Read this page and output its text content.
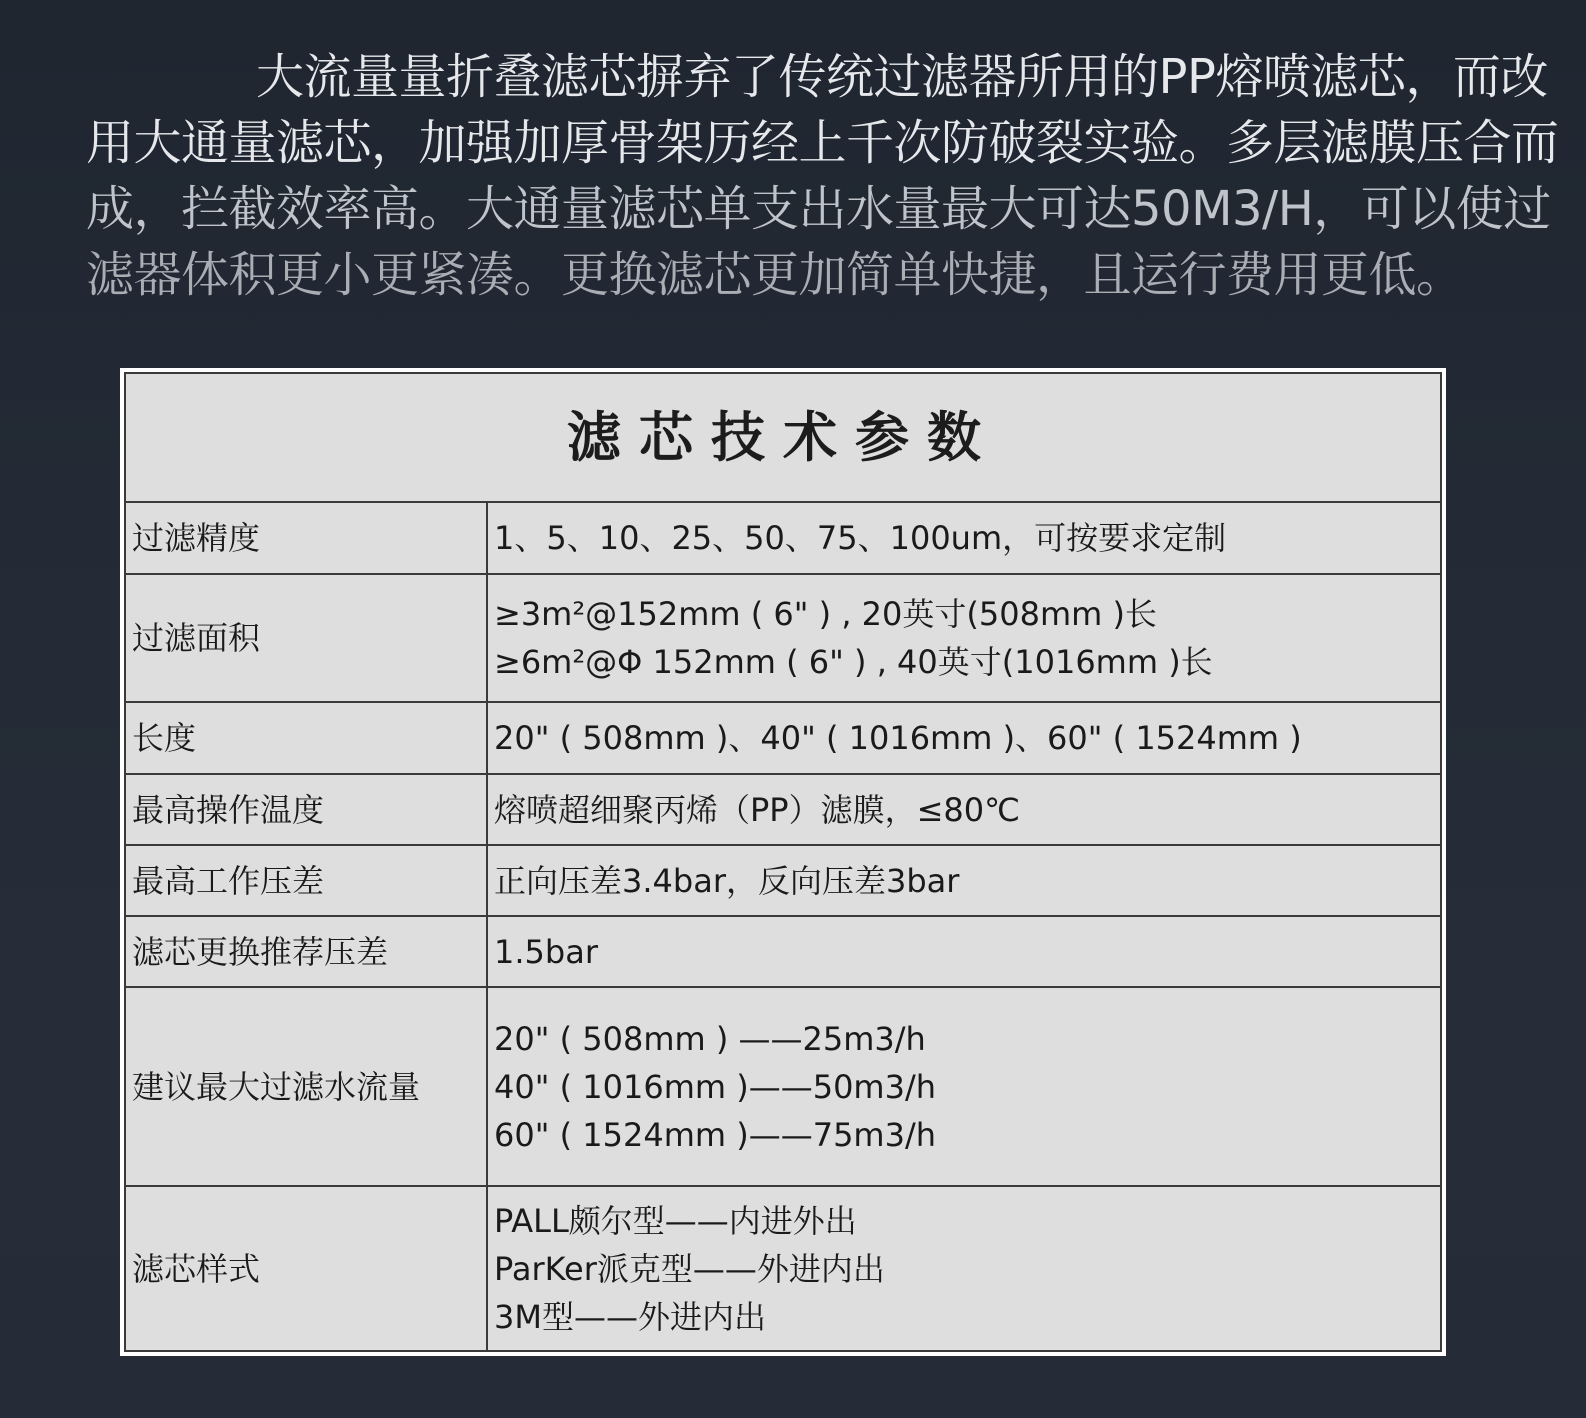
大流量量折叠滤芯摒弃了传统过滤器所用的PP熔喷滤芯，而改
用大通量滤芯，加强加厚骨架历经上千次防破裂实验。多层滤膜压合而
成，拦截效率高。大通量滤芯单支出水量最大可达50M3/H，可以使过
滤器体积更小更紧凑。更换滤芯更加简单快捷，且运行费用更低。
滤芯技术参数	
过滤精度	1、5、10、25、50、75、100um，可按要求定制

过滤面积	≥3m²@152mm ( 6" ) , 20英寸(508mm )长
≥6m²@Φ 152mm ( 6" ) , 40英寸(1016mm )长

长度	20" ( 508mm )、40" ( 1016mm )、60" ( 1524mm )

最高操作温度	熔喷超细聚丙烯（PP）滤膜，≤80℃

最高工作压差	正向压差3.4bar，反向压差3bar

滤芯更换推荐压差	1.5bar

建议最大过滤水流量	20" ( 508mm ) ——25m3/h
40" ( 1016mm )——50m3/h
60" ( 1524mm )——75m3/h

滤芯样式	PALL颇尔型——内进外出
ParKer派克型——外进内出
3M型——外进内出
